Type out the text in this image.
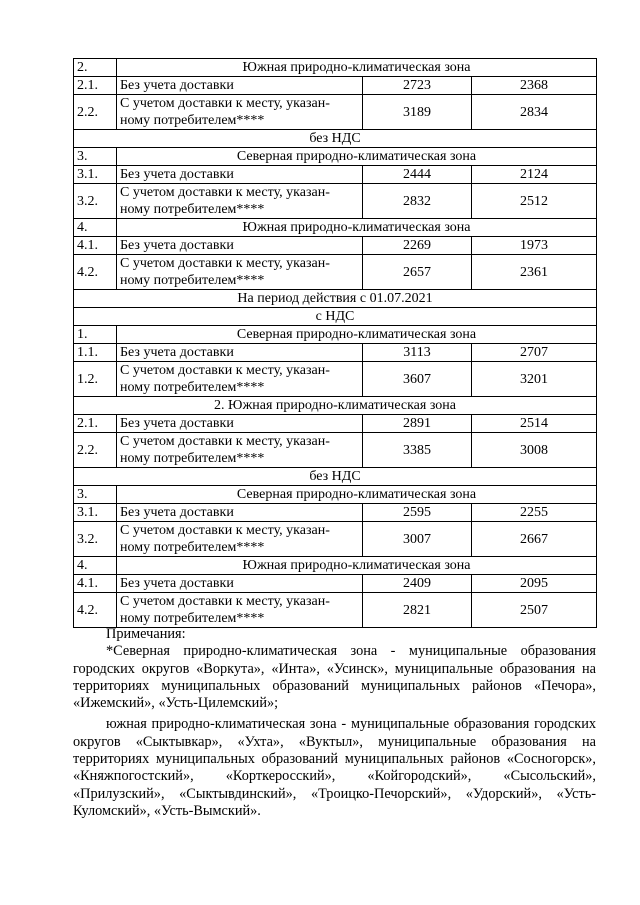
2.	Южная природно-климатическая зона		
2.1.	Без учета доставки	2723	2368
2.2.	С учетом доставки к месту, указан-
ному потребителем****	3189	2834
без НДС			
3.	Северная природно-климатическая зона		
3.1.	Без учета доставки	2444	2124
3.2.	С учетом доставки к месту, указан-
ному потребителем****	2832	2512
4.	Южная природно-климатическая зона		
4.1.	Без учета доставки	2269	1973
4.2.	С учетом доставки к месту, указан-
ному потребителем****	2657	2361
На период действия с 01.07.2021			
с НДС			
1.	Северная природно-климатическая зона		
1.1.	Без учета доставки	3113	2707
1.2.	С учетом доставки к месту, указан-
ному потребителем****	3607	3201
2. Южная природно-климатическая зона			
2.1.	Без учета доставки	2891	2514
2.2.	С учетом доставки к месту, указан-
ному потребителем****	3385	3008
без НДС			
3.	Северная природно-климатическая зона		
3.1.	Без учета доставки	2595	2255
3.2.	С учетом доставки к месту, указан-
ному потребителем****	3007	2667
4.	Южная природно-климатическая зона		
4.1.	Без учета доставки	2409	2095
4.2.	С учетом доставки к месту, указан-
ному потребителем****	2821	2507

Примечания:

*Северная природно-климатическая зона - муниципальные образования городских округов «Воркута», «Инта», «Усинск», муниципальные образования на территориях муниципальных образований муниципальных районов «Печора», «Ижемский», «Усть-Цилемский»;

южная природно-климатическая зона - муниципальные образования городских округов «Сыктывкар», «Ухта», «Вуктыл», муниципальные образования на территориях муниципальных образований муниципальных районов «Сосногорск», «Княжпогостский», «Корткеросский», «Койгородский», «Сысольский», «Прилузский», «Сыктывдинский», «Троицко-Печорский», «Удорский», «Усть-Куломский», «Усть-Вымский».
